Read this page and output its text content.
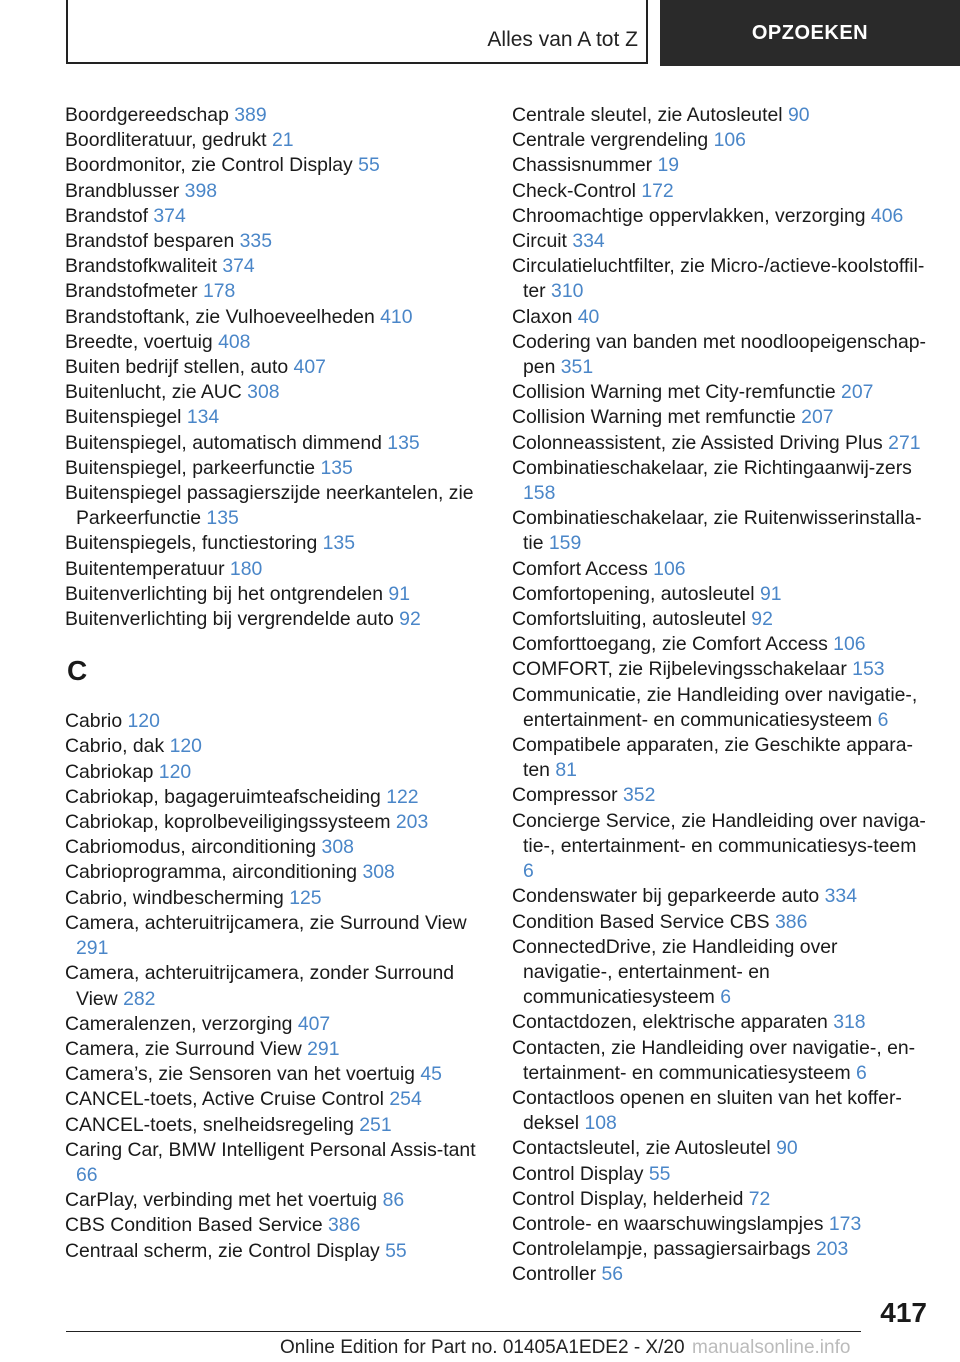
Alles van A tot Z	OPZOEKEN
Boordgereedschap 389
Boordliteratuur, gedrukt 21
Boordmonitor, zie Control Display 55
Brandblusser 398
Brandstof 374
Brandstof besparen 335
Brandstofkwaliteit 374
Brandstofmeter 178
Brandstoftank, zie Vulhoeveelheden 410
Breedte, voertuig 408
Buiten bedrijf stellen, auto 407
Buitenlucht, zie AUC 308
Buitenspiegel 134
Buitenspiegel, automatisch dimmend 135
Buitenspiegel, parkeerfunctie 135
Buitenspiegel passagierszijde neerkantelen, zie Parkeerfunctie 135
Buitenspiegels, functiestoring 135
Buitentemperatuur 180
Buitenverlichting bij het ontgrendelen 91
Buitenverlichting bij vergrendelde auto 92
C
Cabrio 120
Cabrio, dak 120
Cabriokap 120
Cabriokap, bagageruimteafscheiding 122
Cabriokap, koprolbeveiligingssysteem 203
Cabriomodus, airconditioning 308
Cabrioprogramma, airconditioning 308
Cabrio, windbescherming 125
Camera, achteruitrijcamera, zie Surround View 291
Camera, achteruitrijcamera, zonder Surround View 282
Cameralenzen, verzorging 407
Camera, zie Surround View 291
Camera’s, zie Sensoren van het voertuig 45
CANCEL-toets, Active Cruise Control 254
CANCEL-toets, snelheidsregeling 251
Caring Car, BMW Intelligent Personal Assis-tant 66
CarPlay, verbinding met het voertuig 86
CBS Condition Based Service 386
Centraal scherm, zie Control Display 55
Centrale sleutel, zie Autosleutel 90
Centrale vergrendeling 106
Chassisnummer 19
Check-Control 172
Chroomachtige oppervlakken, verzorging 406
Circuit 334
Circulatieluchtfilter, zie Micro-/actieve-koolstoffil-ter 310
Claxon 40
Codering van banden met noodloopeigenschap-pen 351
Collision Warning met City-remfunctie 207
Collision Warning met remfunctie 207
Colonneassistent, zie Assisted Driving Plus 271
Combinatieschakelaar, zie Richtingaanwij-zers 158
Combinatieschakelaar, zie Ruitenwisserinstalla-tie 159
Comfort Access 106
Comfortopening, autosleutel 91
Comfortsluiting, autosleutel 92
Comforttoegang, zie Comfort Access 106
COMFORT, zie Rijbelevingsschakelaar 153
Communicatie, zie Handleiding over navigatie-, entertainment- en communicatiesysteem 6
Compatibele apparaten, zie Geschikte appara-ten 81
Compressor 352
Concierge Service, zie Handleiding over naviga-tie-, entertainment- en communicatiesys-teem 6
Condenswater bij geparkeerde auto 334
Condition Based Service CBS 386
ConnectedDrive, zie Handleiding over navigatie-, entertainment- en communicatiesysteem 6
Contactdozen, elektrische apparaten 318
Contacten, zie Handleiding over navigatie-, en-tertainment- en communicatiesysteem 6
Contactloos openen en sluiten van het koffer-deksel 108
Contactsleutel, zie Autosleutel 90
Control Display 55
Control Display, helderheid 72
Controle- en waarschuwingslampjes 173
Controlelampje, passagiersairbags 203
Controller 56
417
Online Edition for Part no. 01405A1EDE2 - X/20 manualsonline.info
